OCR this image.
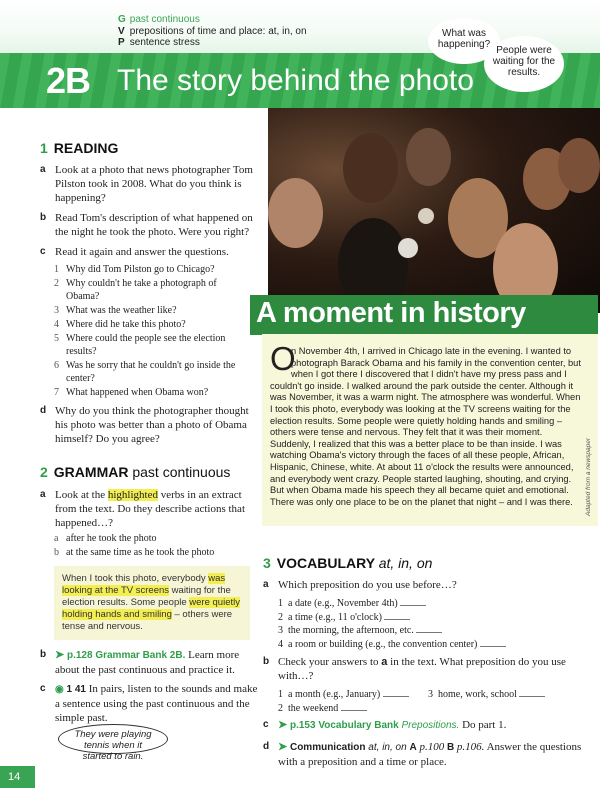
G past continuous
V prepositions of time and place: at, in, on
P sentence stress
2B The story behind the photo
What was happening?
People were waiting for the results.
1 READING
a Look at a photo that news photographer Tom Pilston took in 2008. What do you think is happening?
b Read Tom's description of what happened on the night he took the photo. Were you right?
c Read it again and answer the questions.
1 Why did Tom Pilston go to Chicago?
2 Why couldn't he take a photograph of Obama?
3 What was the weather like?
4 Where did he take this photo?
5 Where could the people see the election results?
6 Was he sorry that he couldn't go inside the center?
7 What happened when Obama won?
d Why do you think the photographer thought his photo was better than a photo of Obama himself? Do you agree?
2 GRAMMAR past continuous
a Look at the highlighted verbs in an extract from the text. Do they describe actions that happened…?
a after he took the photo
b at the same time as he took the photo
When I took this photo, everybody was looking at the TV screens waiting for the election results. Some people were quietly holding hands and smiling – others were tense and nervous.
b ➤ p.128 Grammar Bank 2B. Learn more about the past continuous and practice it.
c ◉ 1 41 In pairs, listen to the sounds and make a sentence using the past continuous and the simple past.
They were playing tennis when it started to rain.
14
A moment in history
O
n November 4th, I arrived in Chicago late in the evening. I wanted to photograph Barack Obama and his family in the convention center, but when I got there I discovered that I didn't have my press pass and I couldn't go inside. I walked around the park outside the center. Although it was November, it was a warm night. The atmosphere was wonderful. When I took this photo, everybody was looking at the TV screens waiting for the election results. Some people were quietly holding hands and smiling – others were tense and nervous. They felt that it was their moment. Suddenly, I realized that this was a better place to be than inside. I was watching Obama's victory through the faces of all these people, African, Hispanic, Chinese, white. At about 11 o'clock the results were announced, and everybody went crazy. People started laughing, shouting, and crying. But when Obama made his speech they all became quiet and emotional. There was only one place to be on the planet that night – and I was there.	Adapted from a newspaper
3 VOCABULARY at, in, on
a Which preposition do you use before…?
1 a date (e.g., November 4th)
2 a time (e.g., 11 o'clock)
3 the morning, the afternoon, etc.
4 a room or building (e.g., the convention center)
b Check your answers to a in the text. What preposition do you use with…?
1 a month (e.g., January)
2 the weekend
3 home, work, school
c ➤ p.153 Vocabulary Bank Prepositions. Do part 1.
d ➤ Communication at, in, on A p.100 B p.106. Answer the questions with a preposition and a time or place.
